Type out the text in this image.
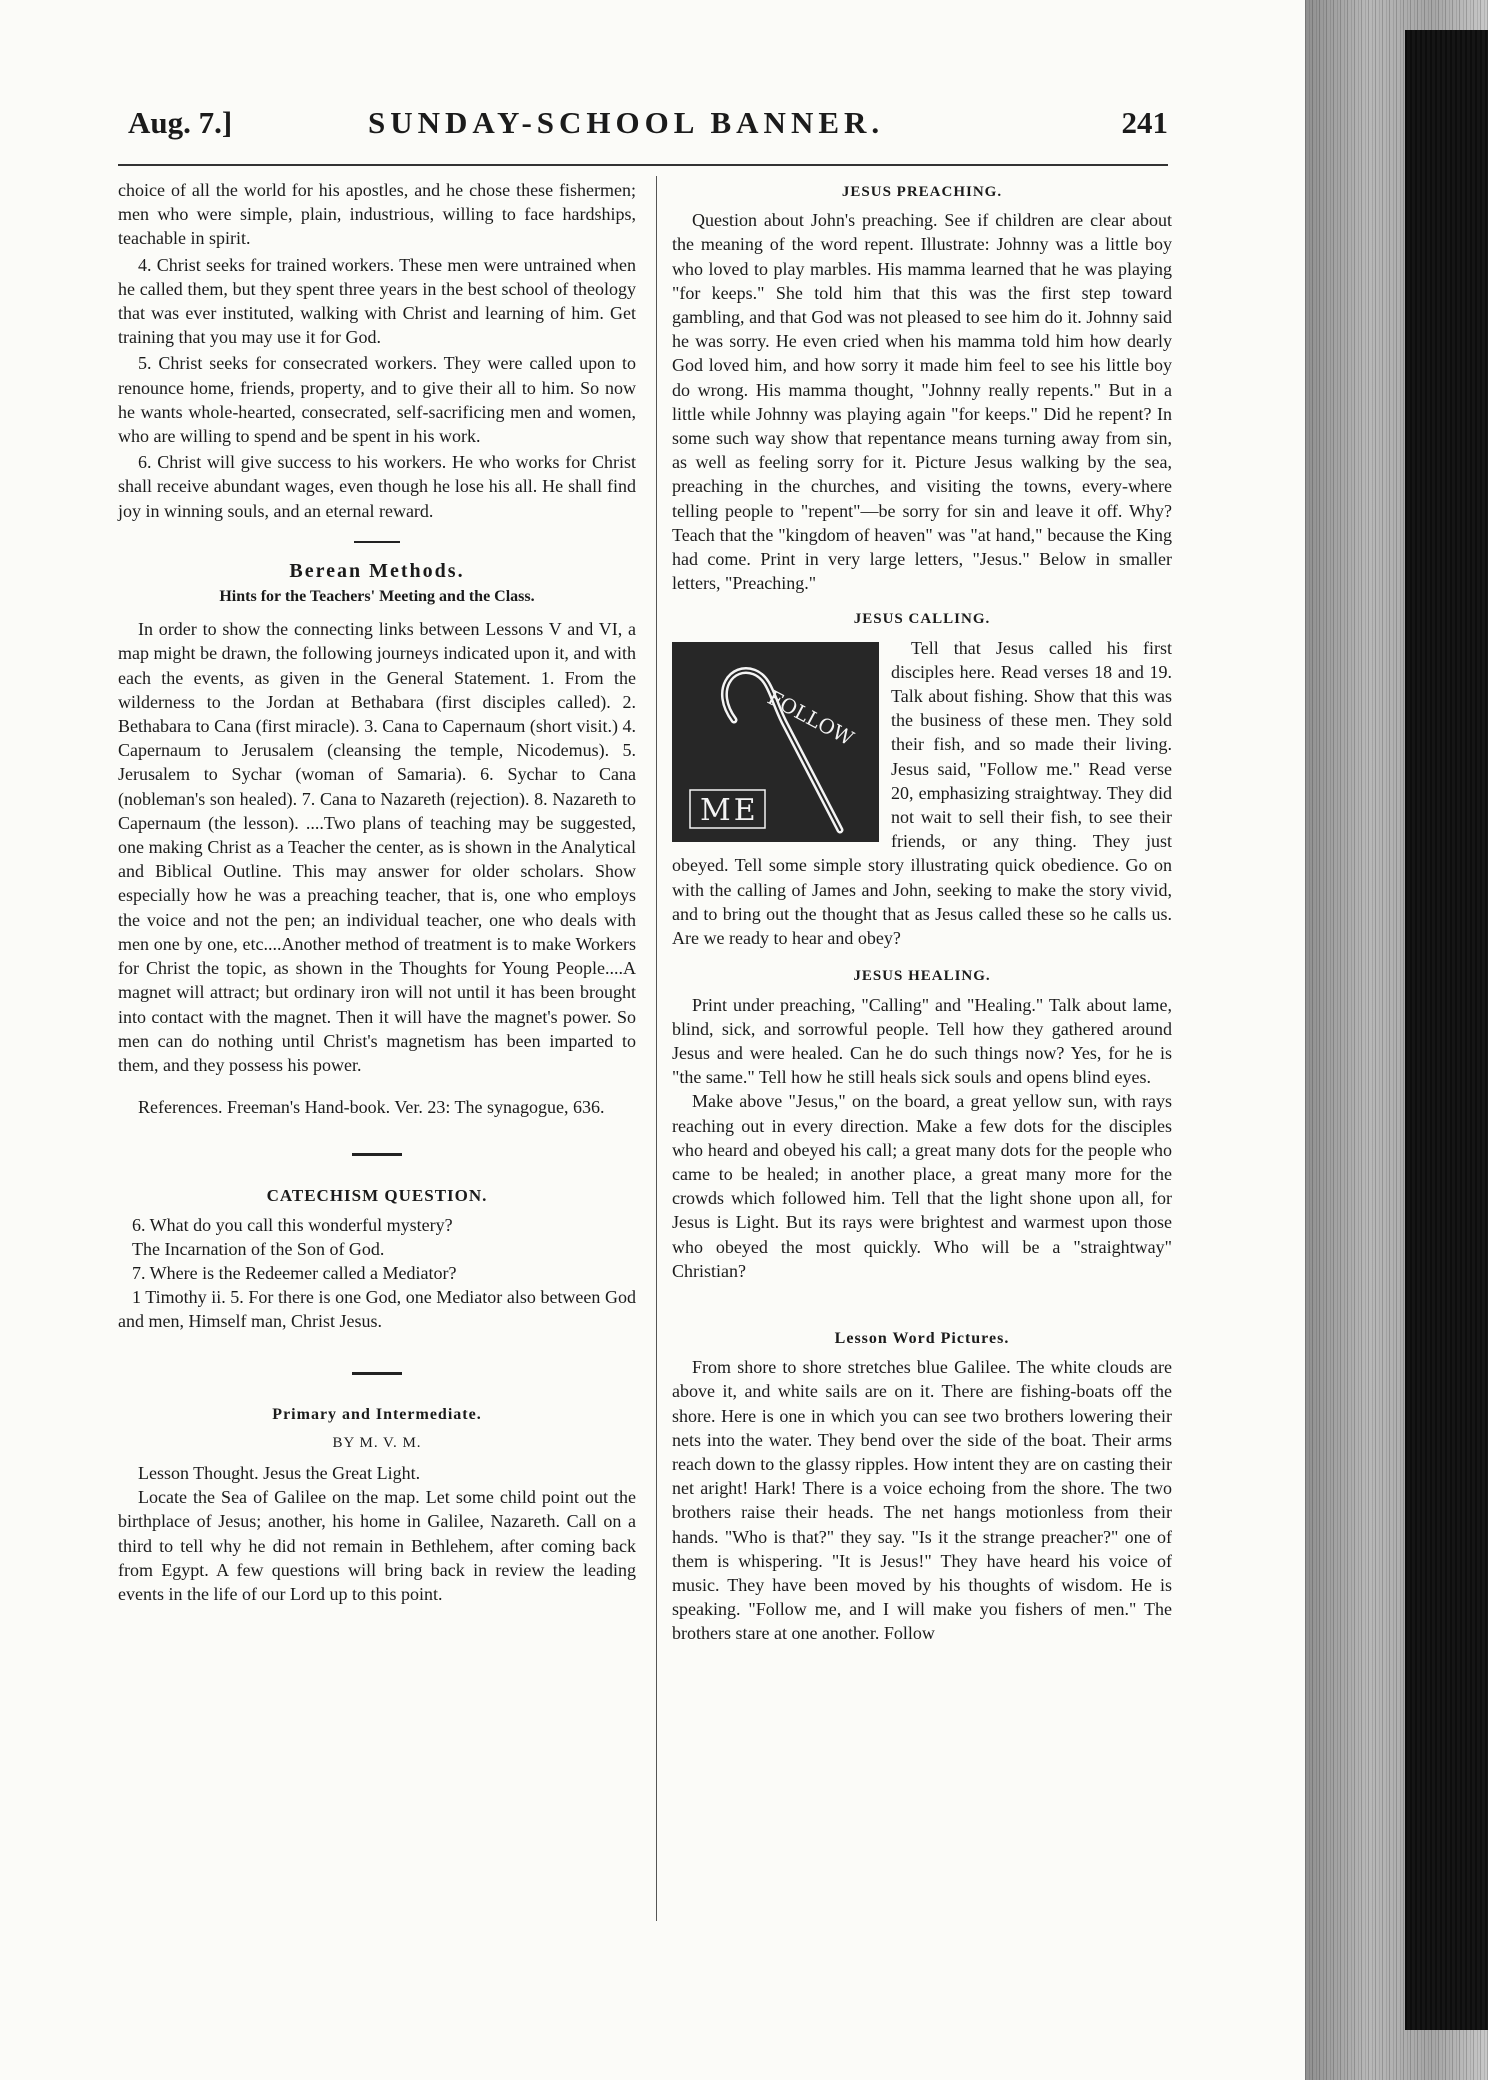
Aug. 7.]	SUNDAY-SCHOOL BANNER.	241

choice of all the world for his apostles, and he chose these fishermen; men who were simple, plain, industrious, willing to face hardships, teachable in spirit.

4. Christ seeks for trained workers. These men were untrained when he called them, but they spent three years in the best school of theology that was ever instituted, walking with Christ and learning of him. Get training that you may use it for God.

5. Christ seeks for consecrated workers. They were called upon to renounce home, friends, property, and to give their all to him. So now he wants whole-hearted, consecrated, self-sacrificing men and women, who are willing to spend and be spent in his work.

6. Christ will give success to his workers. He who works for Christ shall receive abundant wages, even though he lose his all. He shall find joy in winning souls, and an eternal reward.

Berean Methods.
Hints for the Teachers' Meeting and the Class.

In order to show the connecting links between Lessons V and VI, a map might be drawn, the following journeys indicated upon it, and with each the events, as given in the General Statement. 1. From the wilderness to the Jordan at Bethabara (first disciples called). 2. Bethabara to Cana (first miracle). 3. Cana to Capernaum (short visit.) 4. Capernaum to Jerusalem (cleansing the temple, Nicodemus). 5. Jerusalem to Sychar (woman of Samaria). 6. Sychar to Cana (nobleman's son healed). 7. Cana to Nazareth (rejection). 8. Nazareth to Capernaum (the lesson). ....Two plans of teaching may be suggested, one making Christ as a Teacher the center, as is shown in the Analytical and Biblical Outline. This may answer for older scholars. Show especially how he was a preaching teacher, that is, one who employs the voice and not the pen; an individual teacher, one who deals with men one by one, etc....Another method of treatment is to make Workers for Christ the topic, as shown in the Thoughts for Young People....A magnet will attract; but ordinary iron will not until it has been brought into contact with the magnet. Then it will have the magnet's power. So men can do nothing until Christ's magnetism has been imparted to them, and they possess his power.

References. Freeman's Hand-book. Ver. 23: The synagogue, 636.

CATECHISM QUESTION.

6. What do you call this wonderful mystery?

The Incarnation of the Son of God.

7. Where is the Redeemer called a Mediator?

1 Timothy ii. 5. For there is one God, one Mediator also between God and men, Himself man, Christ Jesus.

Primary and Intermediate.
BY M. V. M.

Lesson Thought. Jesus the Great Light.

Locate the Sea of Galilee on the map. Let some child point out the birthplace of Jesus; another, his home in Galilee, Nazareth. Call on a third to tell why he did not remain in Bethlehem, after coming back from Egypt. A few questions will bring back in review the leading events in the life of our Lord up to this point.

JESUS PREACHING.

Question about John's preaching. See if children are clear about the meaning of the word repent. Illustrate: Johnny was a little boy who loved to play marbles. His mamma learned that he was playing "for keeps." She told him that this was the first step toward gambling, and that God was not pleased to see him do it. Johnny said he was sorry. He even cried when his mamma told him how dearly God loved him, and how sorry it made him feel to see his little boy do wrong. His mamma thought, "Johnny really repents." But in a little while Johnny was playing again "for keeps." Did he repent? In some such way show that repentance means turning away from sin, as well as feeling sorry for it. Picture Jesus walking by the sea, preaching in the churches, and visiting the towns, every-where telling people to "repent"—be sorry for sin and leave it off. Why? Teach that the "kingdom of heaven" was "at hand," because the King had come. Print in very large letters, "Jesus." Below in smaller letters, "Preaching."

JESUS CALLING.
FOLLOW
ME

Tell that Jesus called his first disciples here. Read verses 18 and 19. Talk about fishing. Show that this was the business of these men. They sold their fish, and so made their living. Jesus said, "Follow me." Read verse 20, emphasizing straightway. They did not wait to sell their fish, to see their friends, or any thing. They just obeyed. Tell some simple story illustrating quick obedience. Go on with the calling of James and John, seeking to make the story vivid, and to bring out the thought that as Jesus called these so he calls us. Are we ready to hear and obey?

JESUS HEALING.

Print under preaching, "Calling" and "Healing." Talk about lame, blind, sick, and sorrowful people. Tell how they gathered around Jesus and were healed. Can he do such things now? Yes, for he is "the same." Tell how he still heals sick souls and opens blind eyes.

Make above "Jesus," on the board, a great yellow sun, with rays reaching out in every direction. Make a few dots for the disciples who heard and obeyed his call; a great many dots for the people who came to be healed; in another place, a great many more for the crowds which followed him. Tell that the light shone upon all, for Jesus is Light. But its rays were brightest and warmest upon those who obeyed the most quickly. Who will be a "straightway" Christian?

Lesson Word Pictures.

From shore to shore stretches blue Galilee. The white clouds are above it, and white sails are on it. There are fishing-boats off the shore. Here is one in which you can see two brothers lowering their nets into the water. They bend over the side of the boat. Their arms reach down to the glassy ripples. How intent they are on casting their net aright! Hark! There is a voice echoing from the shore. The two brothers raise their heads. The net hangs motionless from their hands. "Who is that?" they say. "Is it the strange preacher?" one of them is whispering. "It is Jesus!" They have heard his voice of music. They have been moved by his thoughts of wisdom. He is speaking. "Follow me, and I will make you fishers of men." The brothers stare at one another. Follow
